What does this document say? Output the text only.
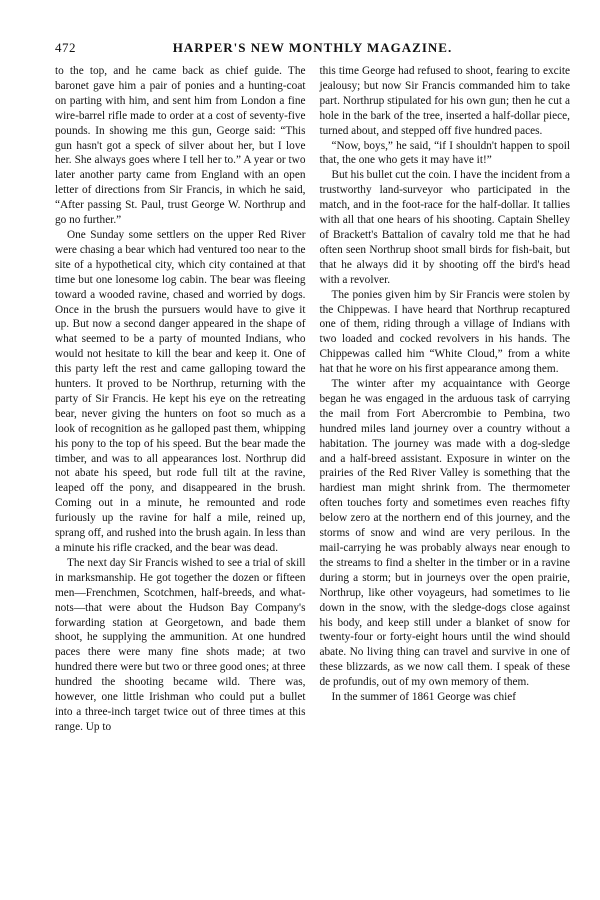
472	HARPER'S NEW MONTHLY MAGAZINE.

to the top, and he came back as chief guide. The baronet gave him a pair of ponies and a hunting-coat on parting with him, and sent him from London a fine wire-barrel rifle made to order at a cost of seventy-five pounds. In showing me this gun, George said: “This gun hasn't got a speck of silver about her, but I love her. She always goes where I tell her to.” A year or two later another party came from England with an open letter of directions from Sir Francis, in which he said, “After passing St. Paul, trust George W. Northrup and go no further.”

One Sunday some settlers on the upper Red River were chasing a bear which had ventured too near to the site of a hypothetical city, which city contained at that time but one lonesome log cabin. The bear was fleeing toward a wooded ravine, chased and worried by dogs. Once in the brush the pursuers would have to give it up. But now a second danger appeared in the shape of what seemed to be a party of mounted Indians, who would not hesitate to kill the bear and keep it. One of this party left the rest and came galloping toward the hunters. It proved to be Northrup, returning with the party of Sir Francis. He kept his eye on the retreating bear, never giving the hunters on foot so much as a look of recognition as he galloped past them, whipping his pony to the top of his speed. But the bear made the timber, and was to all appearances lost. Northrup did not abate his speed, but rode full tilt at the ravine, leaped off the pony, and disappeared in the brush. Coming out in a minute, he remounted and rode furiously up the ravine for half a mile, reined up, sprang off, and rushed into the brush again. In less than a minute his rifle cracked, and the bear was dead.

The next day Sir Francis wished to see a trial of skill in marksmanship. He got together the dozen or fifteen men—Frenchmen, Scotchmen, half-breeds, and what-nots—that were about the Hudson Bay Company's forwarding station at Georgetown, and bade them shoot, he supplying the ammunition. At one hundred paces there were many fine shots made; at two hundred there were but two or three good ones; at three hundred the shooting became wild. There was, however, one little Irishman who could put a bullet into a three-inch target twice out of three times at this range. Up to

this time George had refused to shoot, fearing to excite jealousy; but now Sir Francis commanded him to take part. Northrup stipulated for his own gun; then he cut a hole in the bark of the tree, inserted a half-dollar piece, turned about, and stepped off five hundred paces.

“Now, boys,” he said, “if I shouldn't happen to spoil that, the one who gets it may have it!”

But his bullet cut the coin. I have the incident from a trustworthy land-surveyor who participated in the match, and in the foot-race for the half-dollar. It tallies with all that one hears of his shooting. Captain Shelley of Brackett's Battalion of cavalry told me that he had often seen Northrup shoot small birds for fish-bait, but that he always did it by shooting off the bird's head with a revolver.

The ponies given him by Sir Francis were stolen by the Chippewas. I have heard that Northrup recaptured one of them, riding through a village of Indians with two loaded and cocked revolvers in his hands. The Chippewas called him “White Cloud,” from a white hat that he wore on his first appearance among them.

The winter after my acquaintance with George began he was engaged in the arduous task of carrying the mail from Fort Abercrombie to Pembina, two hundred miles land journey over a country without a habitation. The journey was made with a dog-sledge and a half-breed assistant. Exposure in winter on the prairies of the Red River Valley is something that the hardiest man might shrink from. The thermometer often touches forty and sometimes even reaches fifty below zero at the northern end of this journey, and the storms of snow and wind are very perilous. In the mail-carrying he was probably always near enough to the streams to find a shelter in the timber or in a ravine during a storm; but in journeys over the open prairie, Northrup, like other voyageurs, had sometimes to lie down in the snow, with the sledge-dogs close against his body, and keep still under a blanket of snow for twenty-four or forty-eight hours until the wind should abate. No living thing can travel and survive in one of these blizzards, as we now call them. I speak of these de profundis, out of my own memory of them.

In the summer of 1861 George was chief
